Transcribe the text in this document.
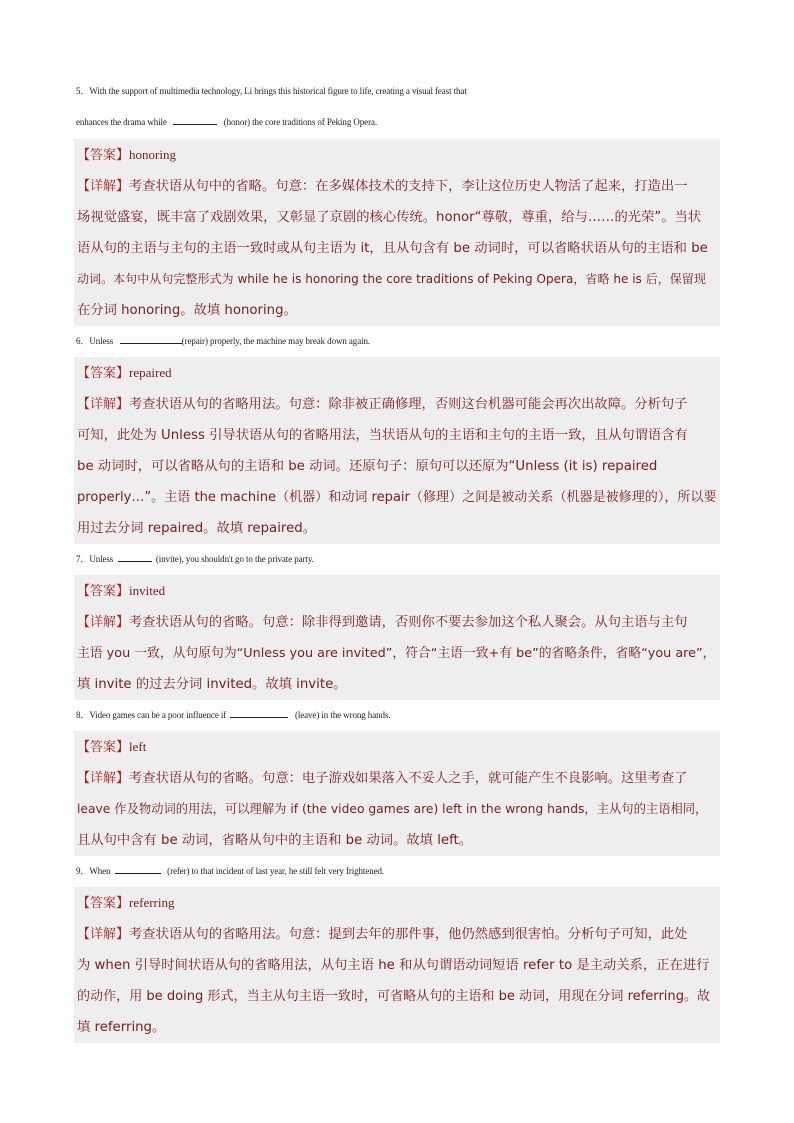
5．With the support of multimedia technology, Li brings this historical figure to life, creating a visual feast that
enhances the drama while	(honor) the core traditions of Peking Opera.
【答案】honoring
【详解】考查状语从句中的省略。句意：在多媒体技术的支持下，李让这位历史人物活了起来，打造出一
场视觉盛宴，既丰富了戏剧效果，又彰显了京剧的核心传统。honor“尊敬，尊重，给与……的光荣”。当状
语从句的主语与主句的主语一致时或从句主语为 it，且从句含有 be 动词时，可以省略状语从句的主语和 be
动词。本句中从句完整形式为 while he is honoring the core traditions of Peking Opera，省略 he is 后，保留现
在分词 honoring。故填 honoring。
6．Unless	(repair) properly, the machine may break down again.
【答案】repaired
【详解】考查状语从句的省略用法。句意：除非被正确修理，否则这台机器可能会再次出故障。分析句子
可知，此处为 Unless 引导状语从句的省略用法，当状语从句的主语和主句的主语一致，且从句谓语含有
be 动词时，可以省略从句的主语和 be 动词。还原句子：原句可以还原为“Unless (it is) repaired
properly…”。主语 the machine（机器）和动词 repair（修理）之间是被动关系（机器是被修理的），所以要
用过去分词 repaired。故填 repaired。
7．Unless	(invite), you shouldn't go to the private party.
【答案】invited
【详解】考查状语从句的省略。句意：除非得到邀请，否则你不要去参加这个私人聚会。从句主语与主句
主语 you 一致，从句原句为“Unless you are invited”，符合“主语一致+有 be”的省略条件，省略“you are”，
填 invite 的过去分词 invited。故填 invite。
8．Video games can be a poor influence if	(leave) in the wrong hands.
【答案】left
【详解】考查状语从句的省略。句意：电子游戏如果落入不妥人之手，就可能产生不良影响。这里考查了
leave 作及物动词的用法，可以理解为 if (the video games are) left in the wrong hands，主从句的主语相同，
且从句中含有 be 动词，省略从句中的主语和 be 动词。故填 left。
9．When	(refer) to that incident of last year, he still felt very frightened.
【答案】referring
【详解】考查状语从句的省略用法。句意：提到去年的那件事，他仍然感到很害怕。分析句子可知，此处
为 when 引导时间状语从句的省略用法，从句主语 he 和从句谓语动词短语 refer to 是主动关系，正在进行
的动作，用 be doing 形式，当主从句主语一致时，可省略从句的主语和 be 动词，用现在分词 referring。故
填 referring。
